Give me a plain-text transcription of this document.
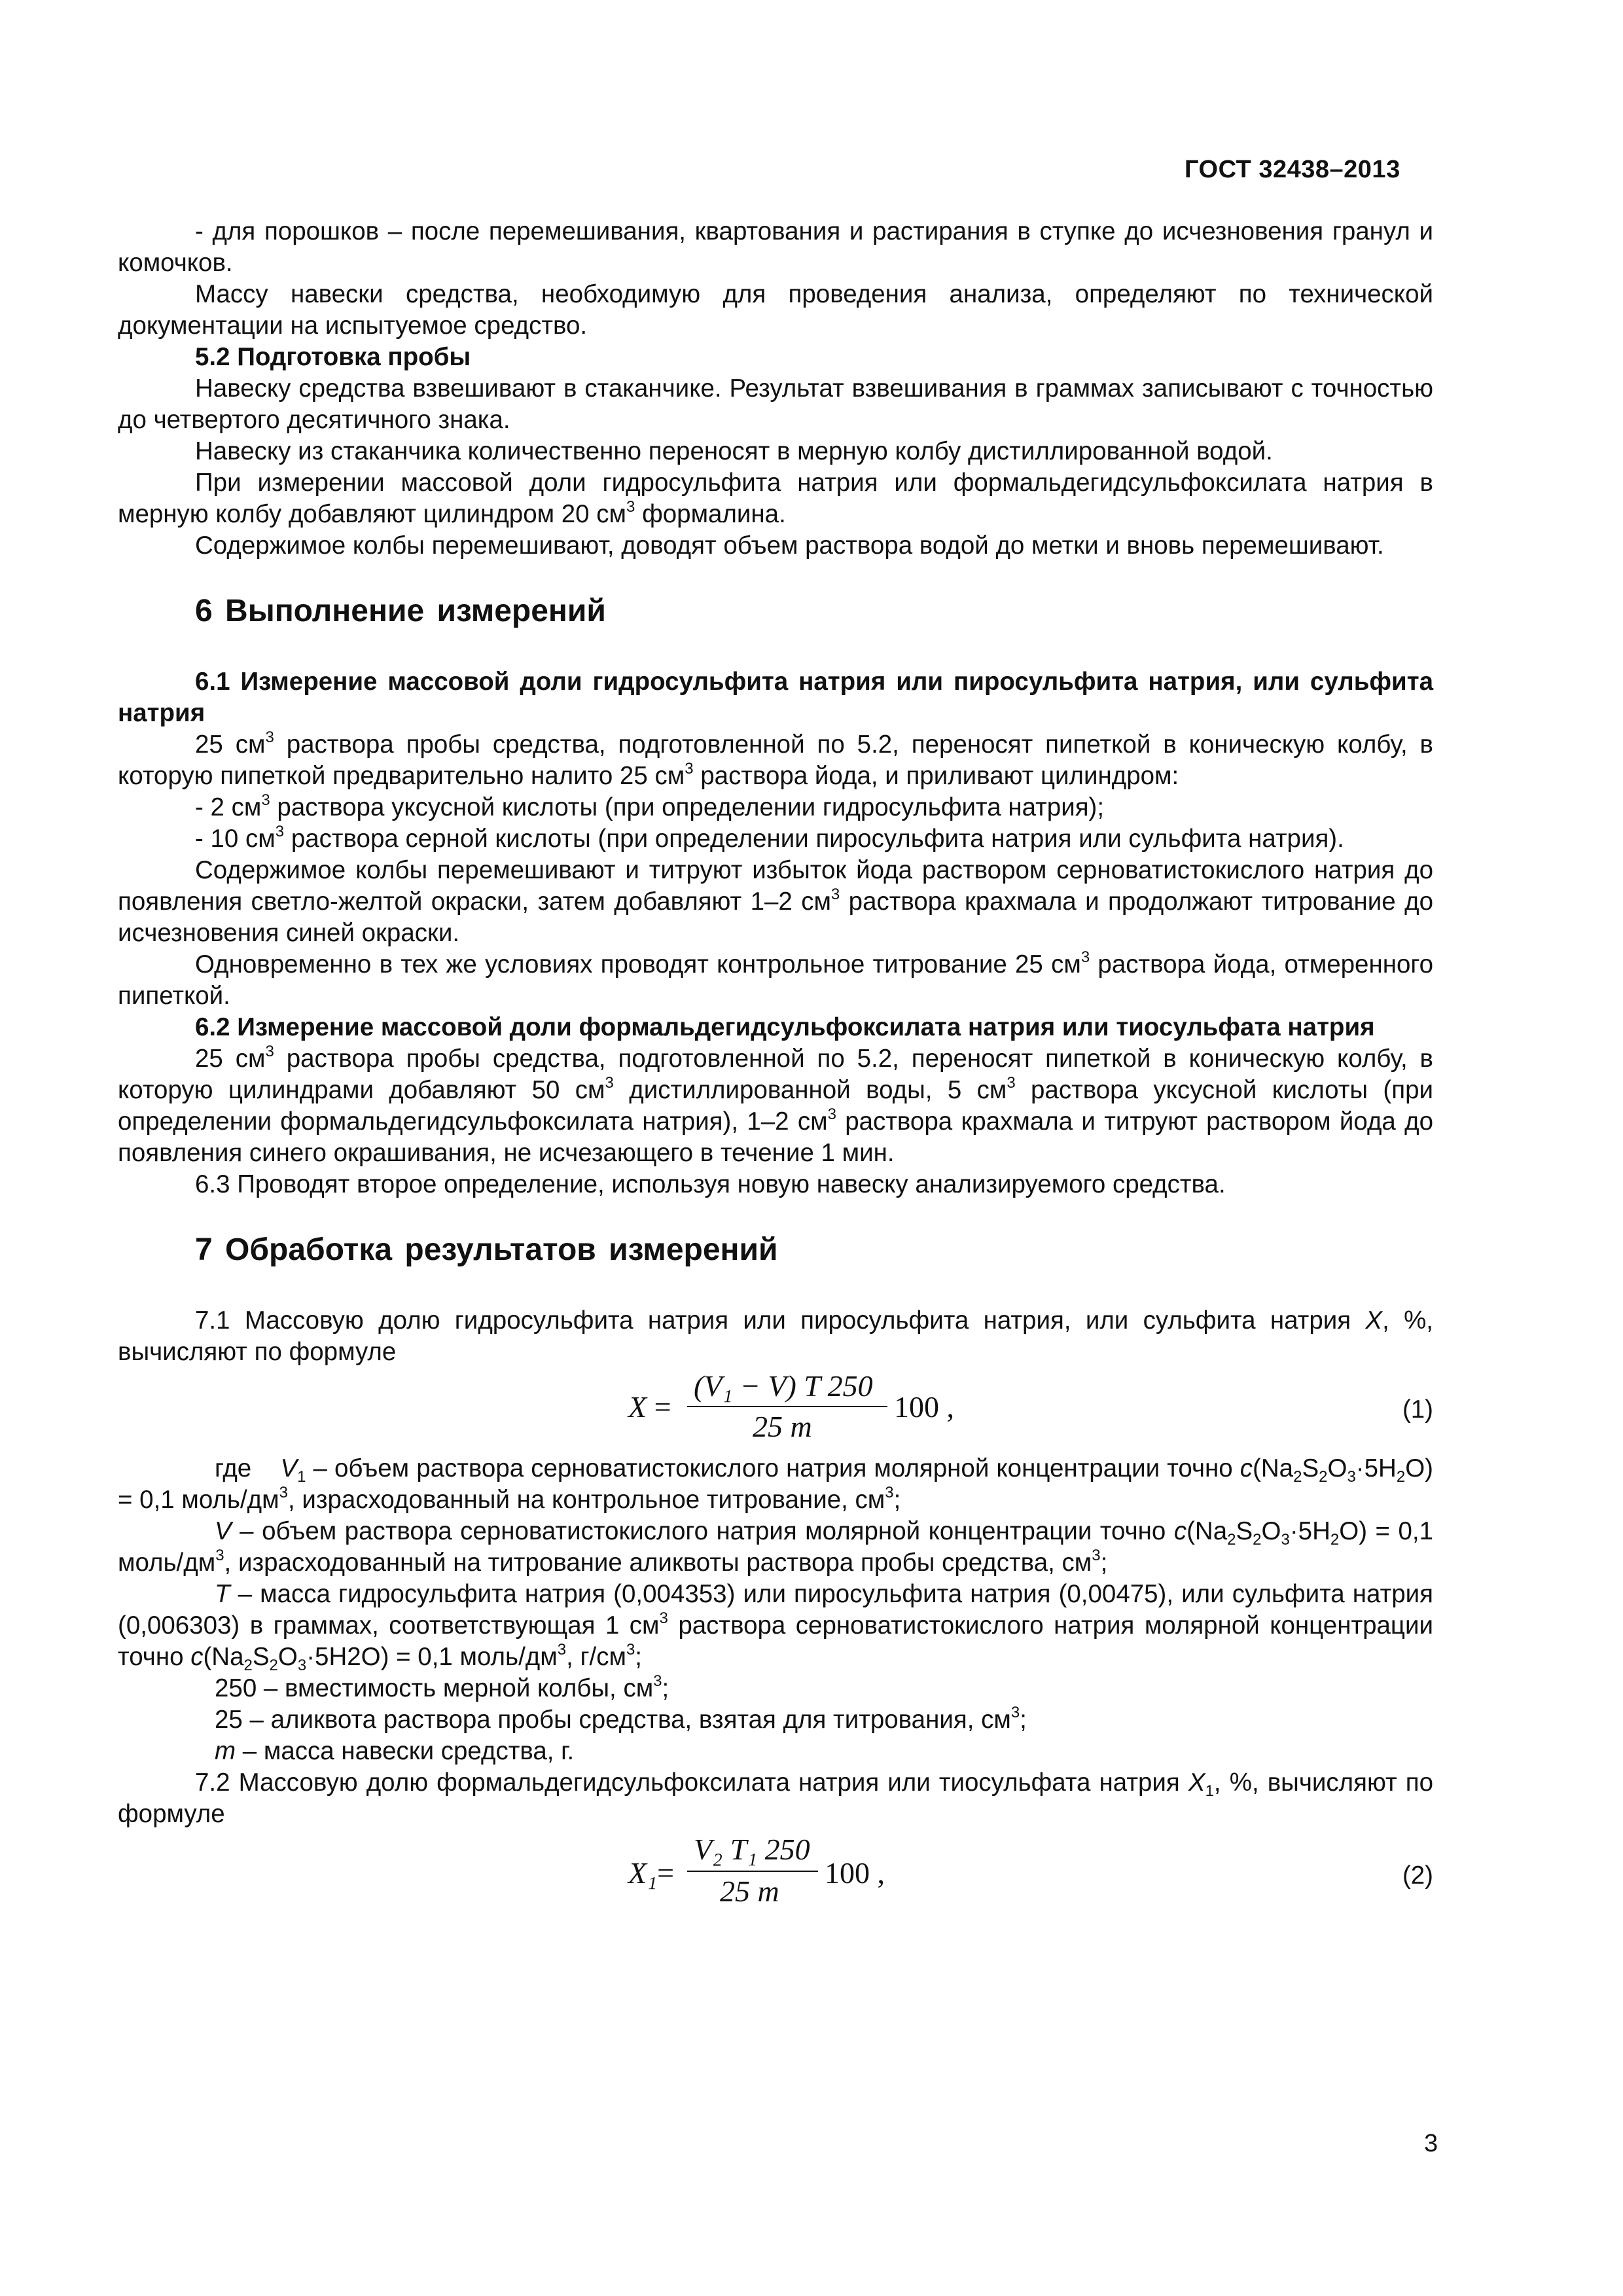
ГОСТ 32438–2013

- для порошков – после перемешивания, квартования и растирания в ступке до исчезновения гранул и комочков.

Массу навески средства, необходимую для проведения анализа, определяют по технической документации на испытуемое средство.

5.2 Подготовка пробы

Навеску средства взвешивают в стаканчике. Результат взвешивания в граммах записывают с точностью до четвертого десятичного знака.

Навеску из стаканчика количественно переносят в мерную колбу дистиллированной водой.

При измерении массовой доли гидросульфита натрия или формальдегидсульфоксилата натрия в мерную колбу добавляют цилиндром 20 $см^3$ формалина.

Содержимое колбы перемешивают, доводят объем раствора водой до метки и вновь перемешивают.

6 Выполнение измерений

6.1 Измерение массовой доли гидросульфита натрия или пиросульфита натрия, или сульфита натрия

25 $см^3$ раствора пробы средства, подготовленной по 5.2, переносят пипеткой в коническую колбу, в которую пипеткой предварительно налито 25 $см^3$ раствора йода, и приливают цилиндром:

- 2 $см^3$ раствора уксусной кислоты (при определении гидросульфита натрия);

- 10 $см^3$ раствора серной кислоты (при определении пиросульфита натрия или сульфита натрия).

Содержимое колбы перемешивают и титруют избыток йода раствором серноватистокислого натрия до появления светло-желтой окраски, затем добавляют 1–2 $см^3$ раствора крахмала и продолжают титрование до исчезновения синей окраски.

Одновременно в тех же условиях проводят контрольное титрование 25 $см^3$ раствора йода, отмеренного пипеткой.

6.2 Измерение массовой доли формальдегидсульфоксилата натрия или тиосульфата натрия

25 $см^3$ раствора пробы средства, подготовленной по 5.2, переносят пипеткой в коническую колбу, в которую цилиндрами добавляют 50 $см^3$ дистиллированной воды, 5 $см^3$ раствора уксусной кислоты (при определении формальдегидсульфоксилата натрия), 1–2 $см^3$ раствора крахмала и титруют раствором йода до появления синего окрашивания, не исчезающего в течение 1 мин.

6.3 Проводят второе определение, используя новую навеску анализируемого средства.

7 Обработка результатов измерений

7.1 Массовую долю гидросульфита натрия или пиросульфита натрия, или сульфита натрия X, %, вычисляют по формуле

X =
(V₁ − V) T 250
25 m
100 ,	(1)

где $V_1$ – объем раствора серноватистокислого натрия молярной концентрации точно $c(Na_2S_2O_3\cdot 5H_2O) = 0,1$ моль/$дм^3$, израсходованный на контрольное титрование, $см^3$;

V – объем раствора серноватистокислого натрия молярной концентрации точно $c(Na_2S_2O_3\cdot 5H_2O) = 0,1$ моль/$дм^3$, израсходованный на титрование аликвоты раствора пробы средства, $см^3$;

T – масса гидросульфита натрия (0,004353) или пиросульфита натрия (0,00475), или сульфита натрия (0,006303) в граммах, соответствующая 1 $см^3$ раствора серноватистокислого натрия молярной концентрации точно $c(Na_2S_2O_3\cdot 5H2O) = 0,1$ моль/$дм^3$, $г/см^3$;

250 – вместимость мерной колбы, $см^3$;

25 – аликвота раствора пробы средства, взятая для титрования, $см^3$;

m – масса навески средства, г.

7.2 Массовую долю формальдегидсульфоксилата натрия или тиосульфата натрия $X_1$, %, вычисляют по формуле

X₁=
V₂ T₁ 250
25 m
100 ,	(2)
3
